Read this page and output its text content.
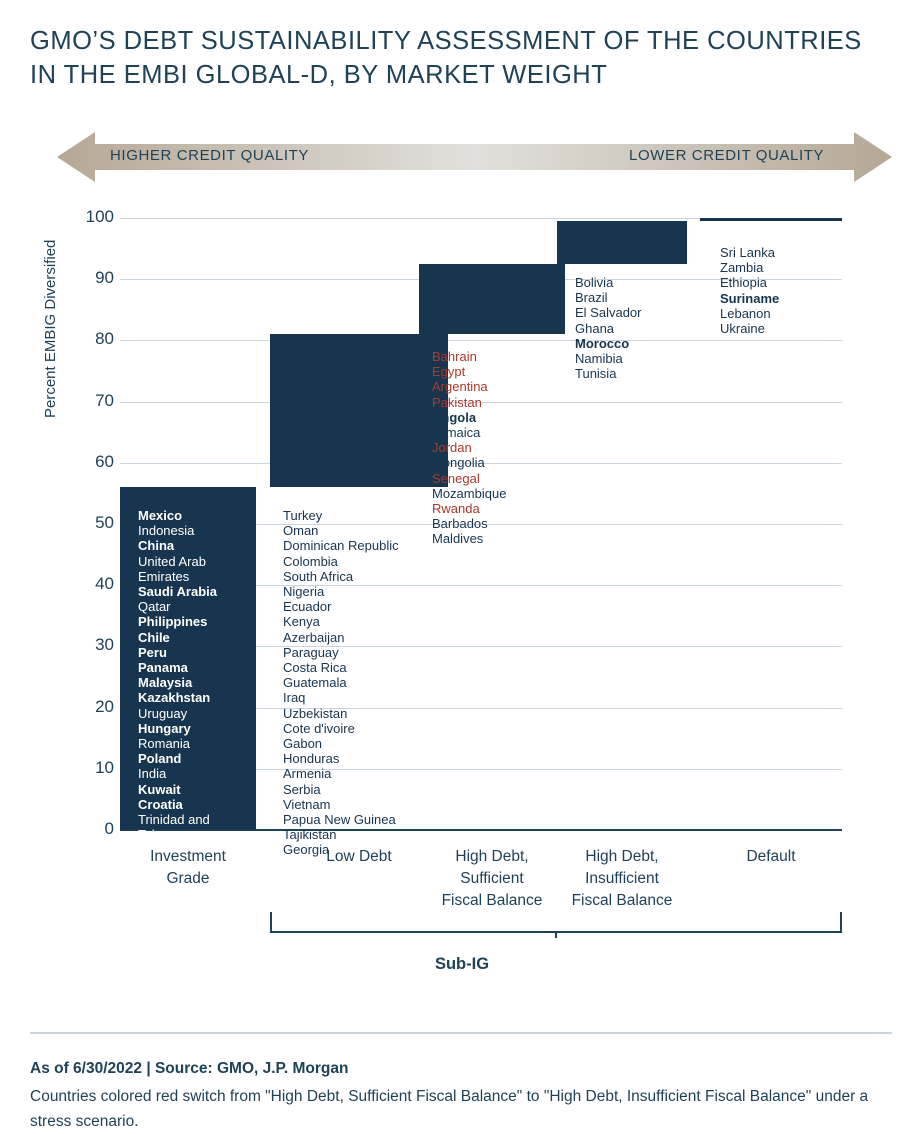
GMO’S DEBT SUSTAINABILITY ASSESSMENT OF THE COUNTRIES IN THE EMBI GLOBAL-D, BY MARKET WEIGHT
HIGHER CREDIT QUALITY	LOWER CREDIT QUALITY
Percent EMBIG Diversified
0
10
20
30
40
50
60
70
80
90
100
Mexico
Indonesia
China
United Arab
Emirates
Saudi Arabia
Qatar
Philippines
Chile
Peru
Panama
Malaysia
Kazakhstan
Uruguay
Hungary
Romania
Poland
India
Kuwait
Croatia
Trinidad and
Tobago
Turkey
Oman
Dominican Republic
Colombia
South Africa
Nigeria
Ecuador
Kenya
Azerbaijan
Paraguay
Costa Rica
Guatemala
Iraq
Uzbekistan
Cote d'ivoire
Gabon
Honduras
Armenia
Serbia
Vietnam
Papua New Guinea
Tajikistan
Georgia
Bahrain
Egypt
Argentina
Pakistan
Angola
Jamaica
Jordan
Mongolia
Senegal
Mozambique
Rwanda
Barbados
Maldives
Bolivia
Brazil
El Salvador
Ghana
Morocco
Namibia
Tunisia
Sri Lanka
Zambia
Ethiopia
Suriname
Lebanon
Ukraine
Investment
Grade
Low Debt	High Debt,
Sufficient
Fiscal Balance
High Debt,
Insufficient
Fiscal Balance
Default
Sub-IG
As of 6/30/2022 | Source: GMO, J.P. Morgan
Countries colored red switch from "High Debt, Sufficient Fiscal Balance" to "High Debt, Insufficient Fiscal Balance" under a stress scenario.
